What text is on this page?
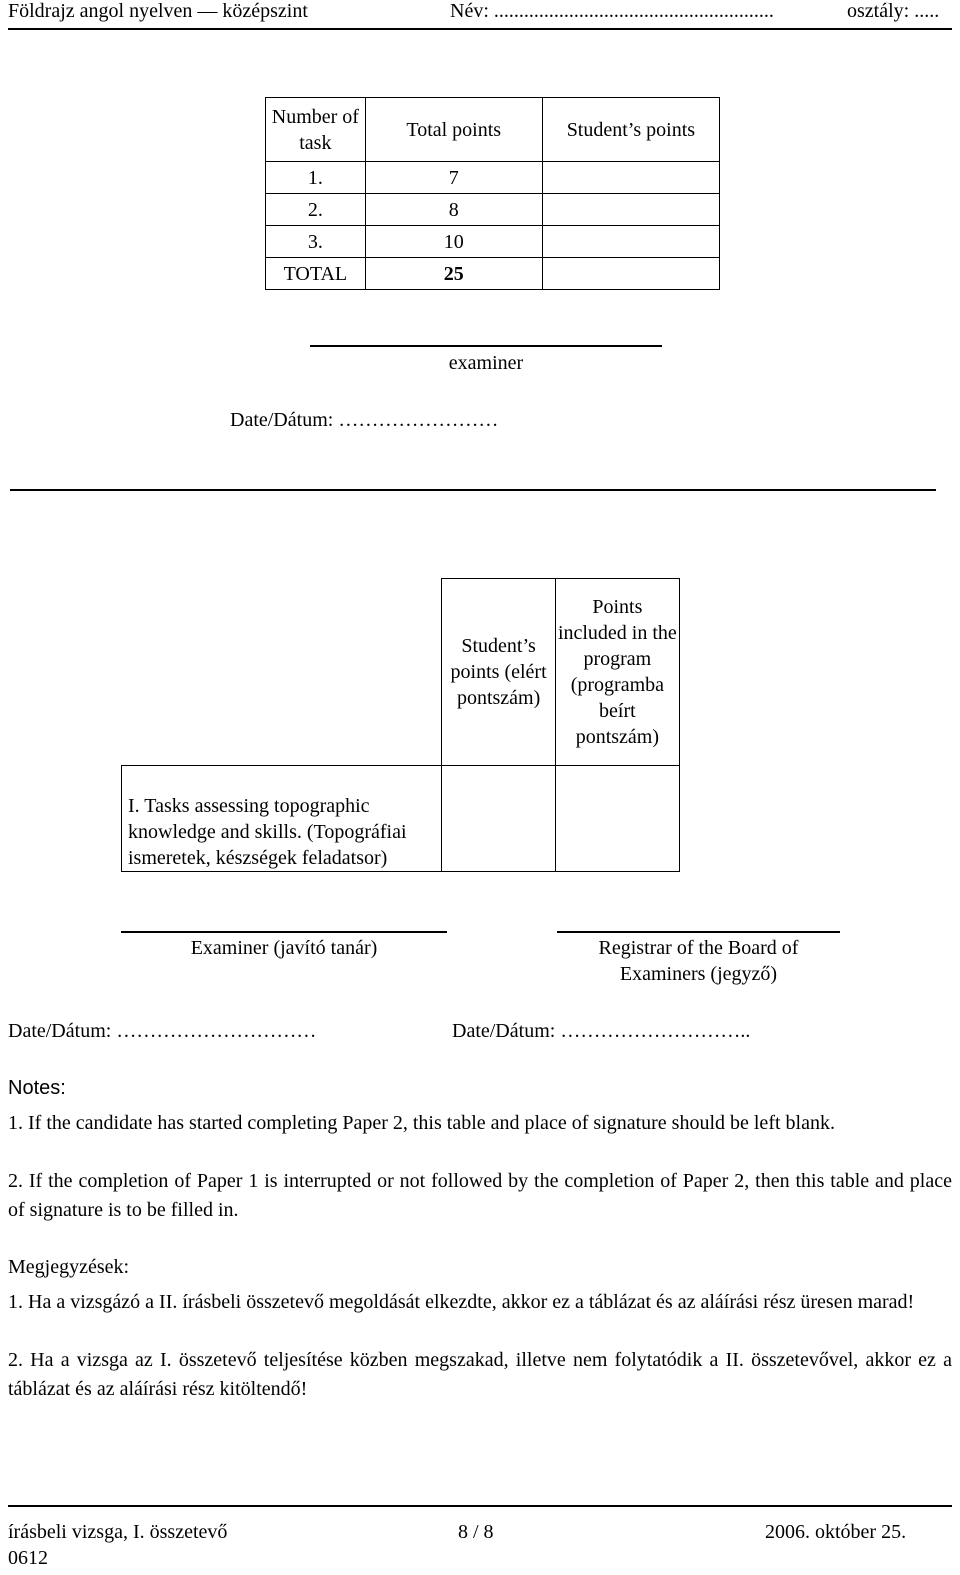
Földrajz angol nyelven — középszint	Név: ........................................................	osztály: .....
Number of task	Total points	Student’s points
1.	7	
2.	8	
3.	10	
TOTAL	25	
examiner
Date/Dátum: ……………………
	Student’s points (elért pontszám)	Points included in the program (programba beírt pontszám)
I. Tasks assessing topographic knowledge and skills. (Topográfiai ismeretek, készségek feladatsor)		
Examiner (javító tanár)	Registrar of the Board of Examiners (jegyző)
Date/Dátum: …………………………	Date/Dátum: ………………………..
Notes:
1. If the candidate has started completing Paper 2, this table and place of signature should be left blank.
2. If the completion of Paper 1 is interrupted or not followed by the completion of Paper 2, then this table and place of signature is to be filled in.
Megjegyzések:
1. Ha a vizsgázó a II. írásbeli összetevő megoldását elkezdte, akkor ez a táblázat és az aláírási rész üresen marad!
2. Ha a vizsga az I. összetevő teljesítése közben megszakad, illetve nem folytatódik a II. összetevővel, akkor ez a táblázat és az aláírási rész kitöltendő!
írásbeli vizsga, I. összetevő
0612
8 / 8	2006. október 25.
